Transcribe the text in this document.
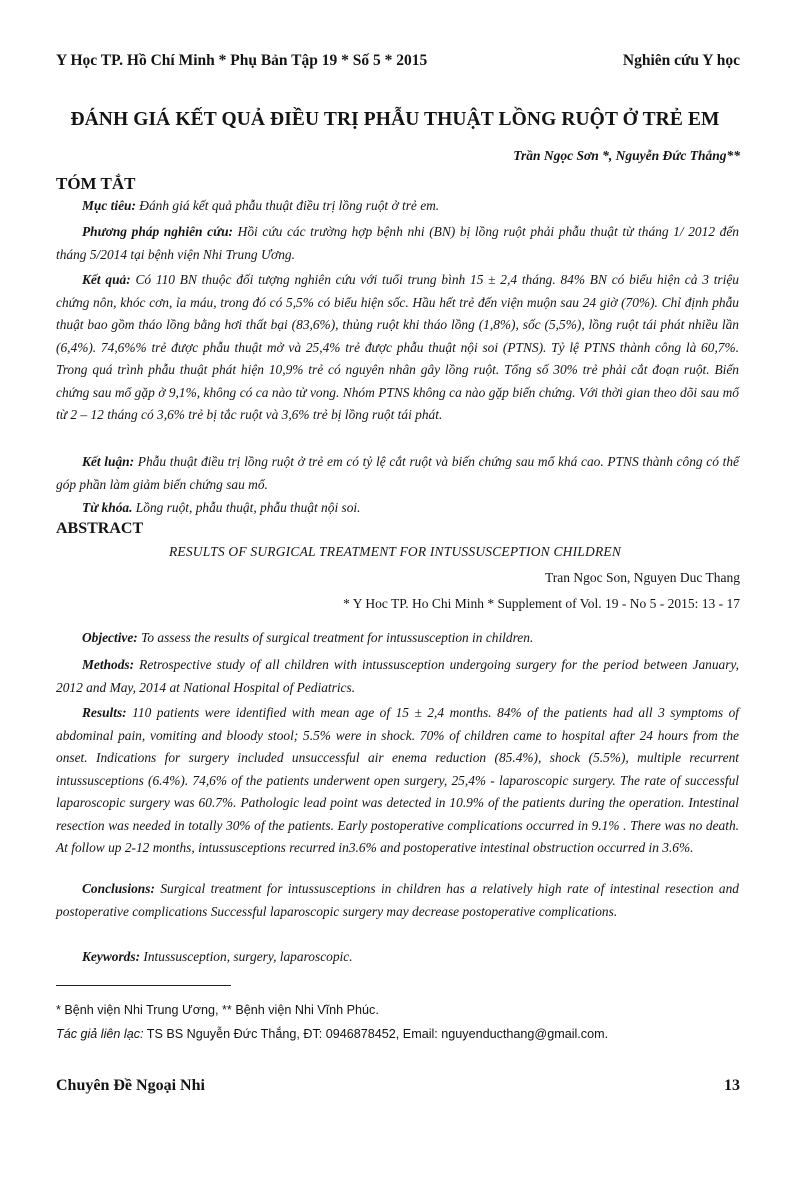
Y Học TP. Hồ Chí Minh * Phụ Bản Tập 19 * Số 5 * 2015	Nghiên cứu Y học
ĐÁNH GIÁ KẾT QUẢ ĐIỀU TRỊ PHẪU THUẬT LỒNG RUỘT Ở TRẺ EM
Trần Ngọc Sơn *, Nguyễn Đức Thắng**
TÓM TẮT

Mục tiêu: Đánh giá kết quả phẫu thuật điều trị lồng ruột ở trẻ em.

Phương pháp nghiên cứu: Hồi cứu các trường hợp bệnh nhi (BN) bị lồng ruột phải phẫu thuật từ tháng 1/ 2012 đến tháng 5/2014 tại bệnh viện Nhi Trung Ương.

Kết quả: Có 110 BN thuộc đối tượng nghiên cứu với tuổi trung bình 15 ± 2,4 tháng. 84% BN có biểu hiện cả 3 triệu chứng nôn, khóc cơn, ỉa máu, trong đó có 5,5% có biểu hiện sốc. Hầu hết trẻ đến viện muộn sau 24 giờ (70%). Chỉ định phẫu thuật bao gồm tháo lồng bằng hơi thất bại (83,6%), thủng ruột khi tháo lồng (1,8%), sốc (5,5%), lồng ruột tái phát nhiều lần (6,4%). 74,6%% trẻ được phẫu thuật mở và 25,4% trẻ được phẫu thuật nội soi (PTNS). Tỷ lệ PTNS thành công là 60,7%. Trong quá trình phẫu thuật phát hiện 10,9% trẻ có nguyên nhân gây lồng ruột. Tổng số 30% trẻ phải cắt đoạn ruột. Biến chứng sau mổ gặp ở 9,1%, không có ca nào tử vong. Nhóm PTNS không ca nào gặp biến chứng. Với thời gian theo dõi sau mổ từ 2 – 12 tháng có 3,6% trẻ bị tắc ruột và 3,6% trẻ bị lồng ruột tái phát.

Kết luận: Phẫu thuật điều trị lồng ruột ở trẻ em có tỷ lệ cắt ruột và biến chứng sau mổ khá cao. PTNS thành công có thể góp phần làm giảm biến chứng sau mổ.

Từ khóa. Lồng ruột, phẫu thuật, phẫu thuật nội soi.

ABSTRACT
RESULTS OF SURGICAL TREATMENT FOR INTUSSUSCEPTION CHILDREN
Tran Ngoc Son, Nguyen Duc Thang
* Y Hoc TP. Ho Chi Minh * Supplement of Vol. 19 - No 5 - 2015: 13 - 17

Objective: To assess the results of surgical treatment for intussusception in children.

Methods: Retrospective study of all children with intussusception undergoing surgery for the period between January, 2012 and May, 2014 at National Hospital of Pediatrics.

Results: 110 patients were identified with mean age of 15 ± 2,4 months. 84% of the patients had all 3 symptoms of abdominal pain, vomiting and bloody stool; 5.5% were in shock. 70% of children came to hospital after 24 hours from the onset. Indications for surgery included unsuccessful air enema reduction (85.4%), shock (5.5%), multiple recurrent intussusceptions (6.4%). 74,6% of the patients underwent open surgery, 25,4% - laparoscopic surgery. The rate of successful laparoscopic surgery was 60.7%. Pathologic lead point was detected in 10.9% of the patients during the operation. Intestinal resection was needed in totally 30% of the patients. Early postoperative complications occurred in 9.1% . There was no death. At follow up 2-12 months, intussusceptions recurred in3.6% and postoperative intestinal obstruction occurred in 3.6%.

Conclusions: Surgical treatment for intussusceptions in children has a relatively high rate of intestinal resection and postoperative complications Successful laparoscopic surgery may decrease postoperative complications.

Keywords: Intussusception, surgery, laparoscopic.

* Bệnh viện Nhi Trung Ương, ** Bệnh viện Nhi Vĩnh Phúc.
Tác giả liên lạc: TS BS Nguyễn Đức Thắng, ĐT: 0946878452, Email: nguyenducthang@gmail.com.
Chuyên Đề Ngoại Nhi	13
